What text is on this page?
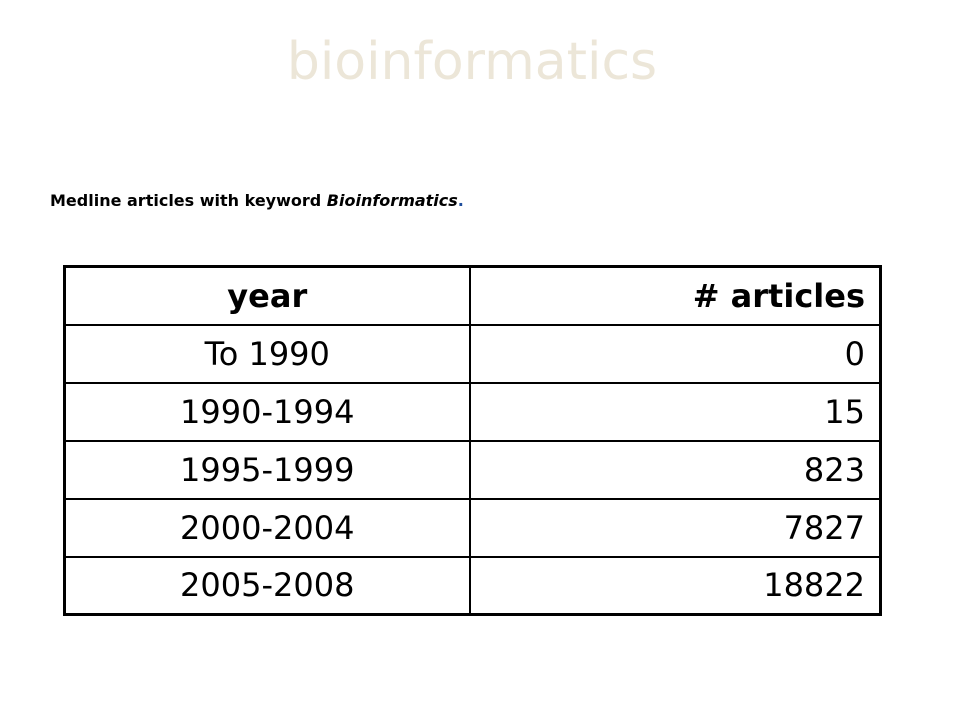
bioinformatics
Medline articles with keyword Bioinformatics.
year	# articles
To 1990	0
1990-1994	15
1995-1999	823
2000-2004	7827
2005-2008	18822
